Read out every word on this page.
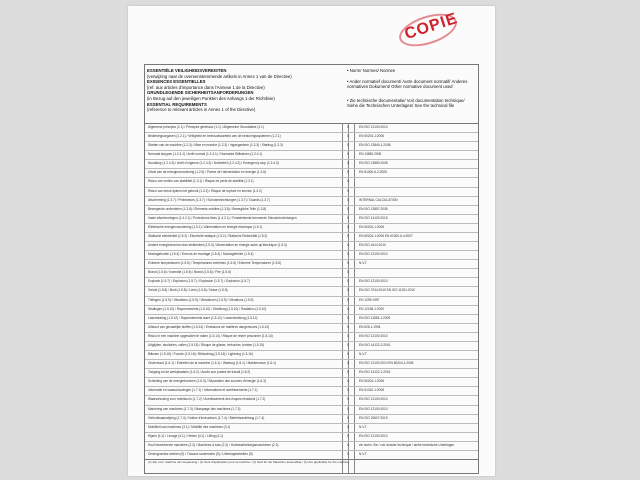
COPIE
ESSENTIËLE VEILIGHEIDSVEREISTEN
(verwijzing naar de overeenstemmende artikels in Annex 1 van de Directive)
EXIGENCES ESSENTIELLES
(ref. aux articles d'importance dans l'Annexe 1 de la Directive)
GRUNDLEGENDE SICHERHEITSANFORDERUNGEN
(in Bezug auf den jeweiligen Punkten des Anhangs 1 der Richtlinie)
ESSENTIAL REQUIREMENTS
(reference to relevant articles in Annex 1 of the Directive)
• Norm/ Normes/ Normen
• Ander normatief document/ Autre document normatif/ Anderes normatives Dokument/ Other normative document used
• Zie technische documentatie/ Voir documentation technique/ Siehe die Technischen Unterlagen/ See the technical file
Algemene principes (1.1) / Principes généraux (1.1) / Allgemeine Grundsätze (1.1)	X	EN ISO 12100:2010
Bedieningsorganen (1.2.1) / Veiligheid en betrouwbaarheid van de besturingssystemen (1.2.1)	X	EN 60204-1:2006
Starten van de machine (1.2.3) / Mise en marche (1.2.3) / Ingangsetzen (1.2.3) / Starting (1.2.3)	X	EN ISO 13849-1:2008
Normaal stoppen (1.2.4.1) / Arrêt normal (1.2.4.1) / Normales Stillsetzen (1.2.4.1)	X	EN 13850:2008
Noodstop (1.2.4.3) / Arrêt d'urgence (1.2.4.3) / Notbefehl (1.2.4.3) / Emergency stop (1.2.4.3)	X	EN ISO 13850:2008
Uitval van de energievoorziening (1.2.6) / Panne de l'alimentation en énergie (1.2.6)	X	EN 61000-6-2:2005
Risico van verlies van stabiliteit (1.3.1) / Risque de perte de stabilité (1.3.1)	X
Risico van breuk tijdens het gebruik (1.3.2) / Risque de rupture en service (1.3.2)	X
Afscherming (1.3.7) / Protecteurs (1.3.7) / Schutzeinrichtungen (1.3.7) / Guards (1.3.7)	X	INTERNAL CALCULATION
Bewegende onderdelen (1.3.8) / Eléments mobiles (1.3.8) / Bewegliche Teile (1.3.8)	X	EN ISO 13857:2008
Vaste afschermingen (1.4.2.1) / Protecteurs fixes (1.4.2.1) / Feststehende trennende Schutzeinrichtungen	X	EN ISO 14120:2015
Elektrische energievoorziening (1.5.1) / Alimentation en énergie électrique (1.5.1)	X	EN 60204-1:2006
Statische elektriciteit (1.5.2) / Electricité statique (1.5.2) / Statische Elektrizität (1.5.2)	X	EN 60204-1:2006 EN 61000-6-4:2007
Andere energiebronnen dan elektriciteit (1.5.3) / Alimentation en énergie autre qu'électrique (1.5.3)	X	EN ISO 4414:2010
Montagefouten (1.5.4) / Erreurs de montage (1.5.4) / Montagefehler (1.5.4)	X	EN ISO 12100:2010
Extreme temperaturen (1.5.5) / Températures extrêmes (1.5.5) / Extreme Temperaturen (1.5.5)	X	N.V.T.
Brand (1.5.6) / Incendie (1.5.6) / Brand (1.5.6) / Fire (1.5.6)	X
Explosie (1.5.7) / Explosion (1.5.7) / Explosion (1.5.7) / Explosion (1.5.7)	X	EN ISO 12100:2010
Geluid (1.5.8) / Bruit (1.5.8) / Lärm (1.5.8) / Noise (1.5.8)	X	EN ISO 3744:2010 EN ISO 11201:2010
Trillingen (1.5.9) / Vibrations (1.5.9) / Vibrationen (1.5.9) / Vibrations (1.5.9)	X	EN 1299:1997
Stralingen (1.5.10) / Rayonnements (1.5.10) / Strahlung (1.5.10) / Radiation (1.5.10)	X	EN 12198-1:2000
Laserstraling (1.5.12) / Rayonnements laser (1.5.12) / Laserstrahlung (1.5.12)	X	EN ISO 11553-1:2009
Uitstoot van gevaarlijke stoffen (1.5.13) / Emissions de matières dangereuses (1.5.13)	X	EN 626-1:1994
Risico in een machine opgesloten te raken (1.5.14) / Risque de rester prisonnier (1.5.14)	X	EN ISO 12100:2010
Uitglijden, struikelen, vallen (1.5.15) / Risque de glisser, trébucher, tomber (1.5.15)	X	EN ISO 14122-2:2001
Bliksem (1.5.16) / Foudre (1.5.16) / Blitzschlag (1.5.16) / Lightning (1.5.16)	X	N.V.T.
Onderhoud (1.6.1) / Entretien de la machine (1.6.1) / Wartung (1.6.1) / Maintenance (1.6.1)	X	EN ISO 12100:2010 EN 60204-1:2006
Toegang tot de werkplaatsen (1.6.2) / Accès aux postes de travail (1.6.2)	X	EN ISO 14122-1:2001
Scheiding van de energiebronnen (1.6.3) / Séparation des sources d'énergie (1.6.3)	X	EN 60204-1:2006
Informatie en waarschuwingen (1.7.1) / Informations et avertissements (1.7.1)	X	EN 61310-1:2008
Waarschuwing voor restrisico's (1.7.2) / Avertissement des risques résiduels (1.7.2)	X	EN ISO 12100:2010
Markering van machines (1.7.3) / Marquage des machines (1.7.3)	X	EN ISO 12100:2010
Gebruiksaanwijzing (1.7.4) / Notice d'instructions (1.7.4) / Betriebsanleitung (1.7.4)	X	EN ISO 20607:2019
Mobiliteit van machines (3.1) / Mobilité des machines (3.1)	X	N.V.T.
Hijsen (4.1) / Levage (4.1) / Heben (4.1) / Lifting (4.1)	X	EN ISO 12100:2010
Hout bewerkende machines (2.3) / Machines à bois (2.3) / Holzbearbeitungsmaschinen (2.3)	X	zie techn. file / voir dossier technique / siehe technische Unterlagen
Ondergrondse werken (5) / Travaux souterrains (5) / Untertagearbeiten (5)	X	N.V.T.
(1) Zijn voor machine van toepassing / (1) Sont d'application pour la machine / (1) Sind für die Maschine anwendbar / (1) Are applicable for the machine
